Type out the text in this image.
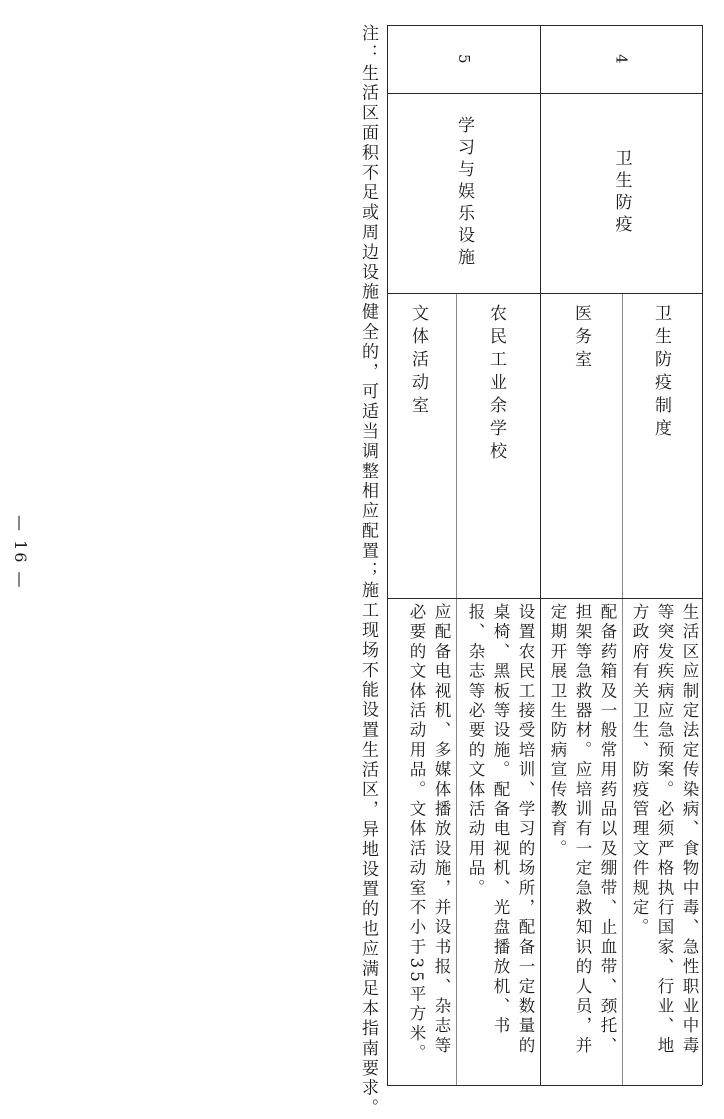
4
卫生防疫
卫生防疫制度

生活区应制定法定传染病、食物中毒、急性职业中毒等突发疾病应急预案。必须严格执行国家、行业、地方政府有关卫生、防疫管理文件规定。

医务室

配备药箱及一般常用药品以及绷带、止血带、颈托、担架等急救器材。应培训有一定急救知识的人员，并定期开展卫生防病宣传教育。

5
学习与娱乐设施
农民工业余学校

设置农民工接受培训、学习的场所，配备一定数量的桌椅、黑板等设施。配备电视机、光盘播放机、书报、杂志等必要的文体活动用品。

文体活动室

应配备电视机、多媒体播放设施，并设书报、杂志等必要的文体活动用品。文体活动室不小于35平方米。

注：生活区面积不足或周边设施健全的，可适当调整相应配置；施工现场不能设置生活区，异地设置的也应满足本指南要求。
— 16 —
